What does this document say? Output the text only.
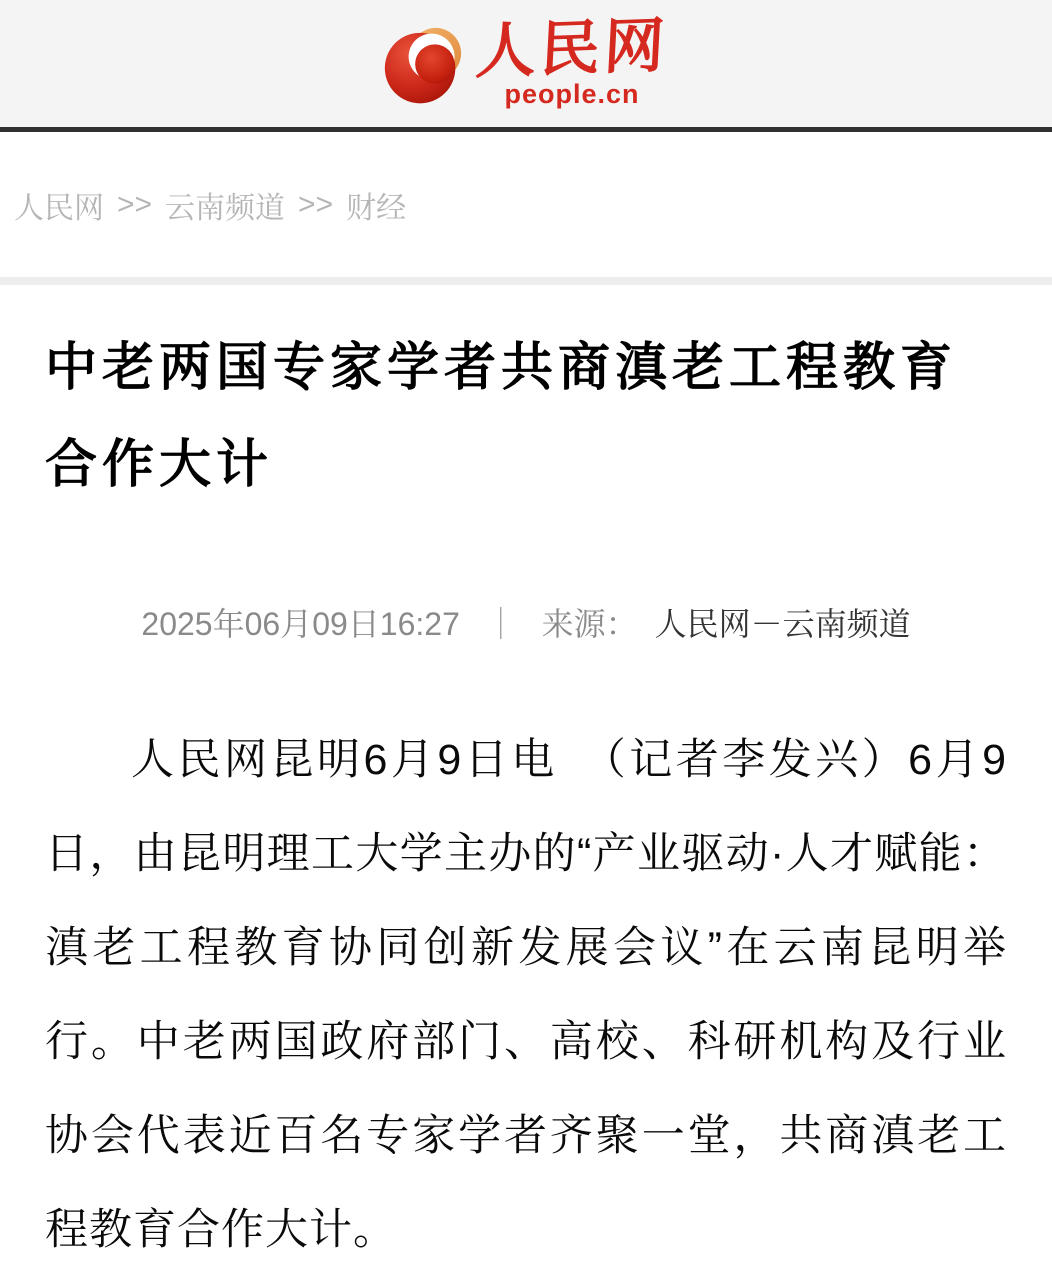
人民网
people.cn
人民网 >> 云南频道 >> 财经
中老两国专家学者共商滇老工程教育合作大计
2025年06月09日16:27 ｜ 来源： 人民网－云南频道

人民网昆明6月9日电　（记者李发兴）6月9日，由昆明理工大学主办的“产业驱动·人才赋能：滇老工程教育协同创新发展会议”在云南昆明举行。中老两国政府部门、高校、科研机构及行业协会代表近百名专家学者齐聚一堂，共商滇老工程教育合作大计。
